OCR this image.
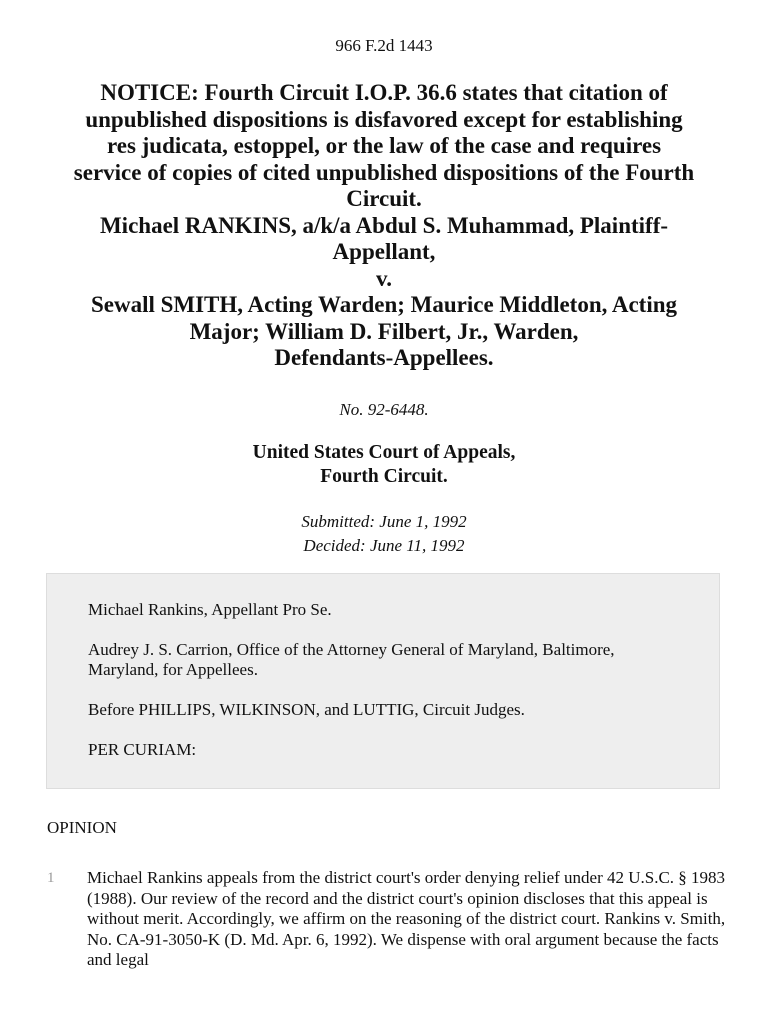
966 F.2d 1443
NOTICE: Fourth Circuit I.O.P. 36.6 states that citation of
unpublished dispositions is disfavored except for establishing
res judicata, estoppel, or the law of the case and requires
service of copies of cited unpublished dispositions of the Fourth
Circuit.
Michael RANKINS, a/k/a Abdul S. Muhammad, Plaintiff-
Appellant,
v.
Sewall SMITH, Acting Warden; Maurice Middleton, Acting
Major; William D. Filbert, Jr., Warden,
Defendants-Appellees.
No. 92-6448.
United States Court of Appeals,
Fourth Circuit.
Submitted: June 1, 1992
Decided: June 11, 1992

Michael Rankins, Appellant Pro Se.

Audrey J. S. Carrion, Office of the Attorney General of Maryland, Baltimore, Maryland, for Appellees.

Before PHILLIPS, WILKINSON, and LUTTIG, Circuit Judges.

PER CURIAM:

OPINION
1 Michael Rankins appeals from the district court's order denying relief under 42 U.S.C. § 1983 (1988). Our review of the record and the district court's opinion discloses that this appeal is without merit. Accordingly, we affirm on the reasoning of the district court. Rankins v. Smith, No. CA-91-3050-K (D. Md. Apr. 6, 1992). We dispense with oral argument because the facts and legal
